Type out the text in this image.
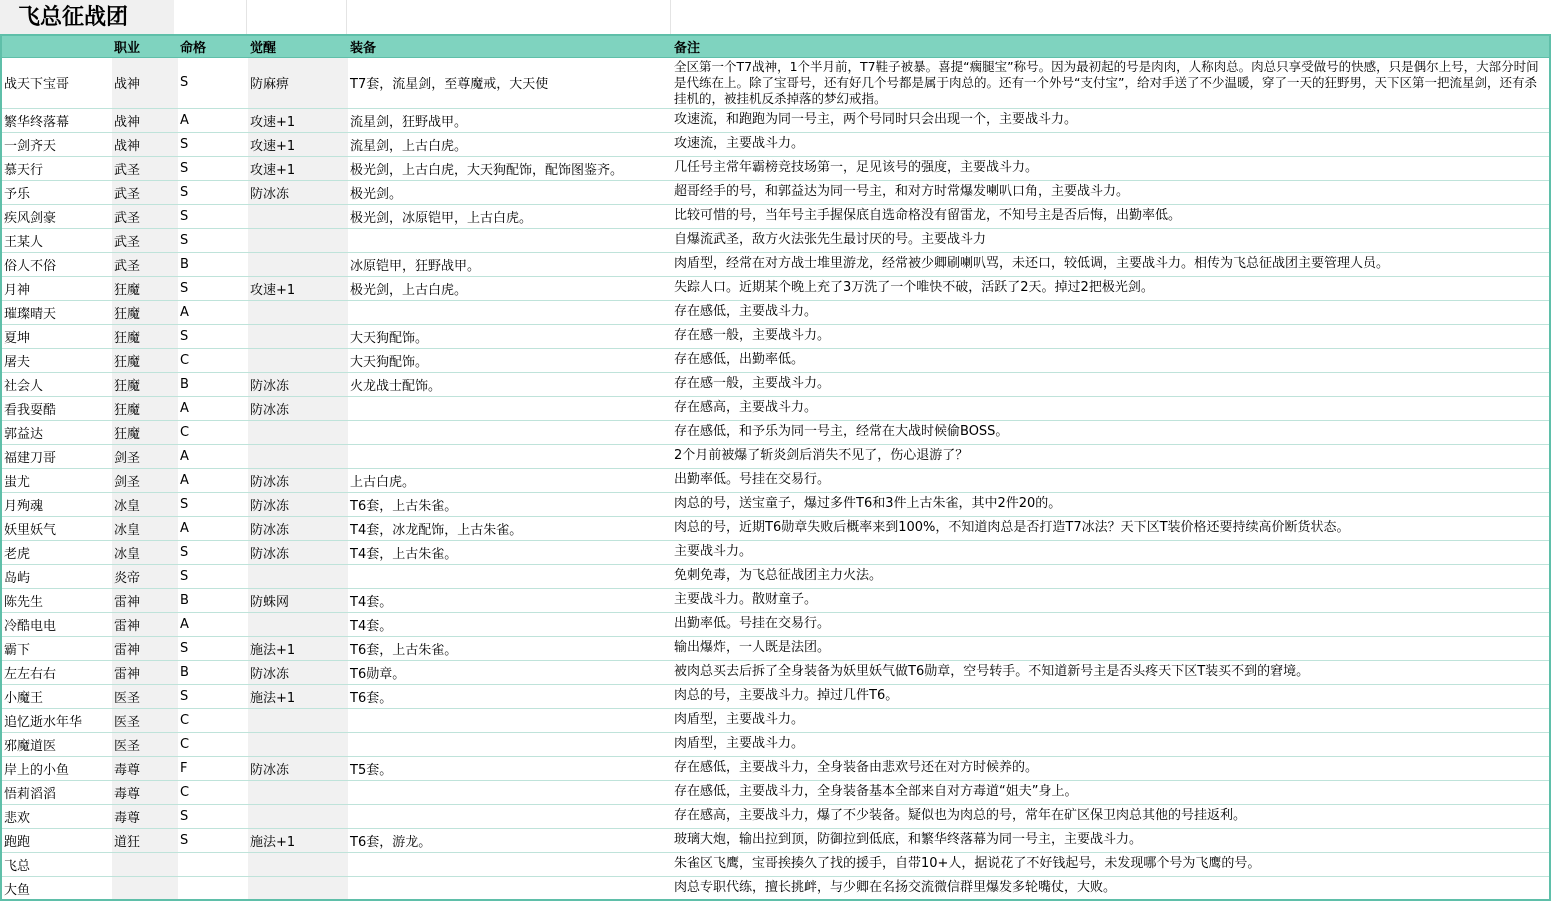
飞总征战团
	职业	命格	觉醒	装备	备注
战天下宝哥	战神	S	防麻痹	T7套，流星剑，至尊魔戒，大天使	全区第一个T7战神，1个半月前，T7鞋子被暴。喜提“瘸腿宝”称号。因为最初起的号是肉肉，人称肉总。肉总只享受做号的快感，只是偶尔上号，大部分时间是代练在上。除了宝哥号，还有好几个号都是属于肉总的。还有一个外号“支付宝”，给对手送了不少温暖，穿了一天的狂野男，天下区第一把流星剑，还有杀挂机的，被挂机反杀掉落的梦幻戒指。
繁华终落幕	战神	A	攻速+1	流星剑，狂野战甲。	攻速流，和跑跑为同一号主，两个号同时只会出现一个，主要战斗力。
一剑齐天	战神	S	攻速+1	流星剑，上古白虎。	攻速流，主要战斗力。
慕天行	武圣	S	攻速+1	极光剑，上古白虎，大天狗配饰，配饰图鉴齐。	几任号主常年霸榜竞技场第一，足见该号的强度，主要战斗力。
予乐	武圣	S	防冰冻	极光剑。	超哥经手的号，和郭益达为同一号主，和对方时常爆发喇叭口角，主要战斗力。
疾风剑豪	武圣	S		极光剑，冰原铠甲，上古白虎。	比较可惜的号，当年号主手握保底自选命格没有留雷龙，不知号主是否后悔，出勤率低。
王某人	武圣	S			自爆流武圣，敌方火法张先生最讨厌的号。主要战斗力
俗人不俗	武圣	B		冰原铠甲，狂野战甲。	肉盾型，经常在对方战士堆里游龙，经常被少卿刷喇叭骂，未还口，较低调，主要战斗力。相传为飞总征战团主要管理人员。
月神	狂魔	S	攻速+1	极光剑，上古白虎。	失踪人口。近期某个晚上充了3万洗了一个唯快不破，活跃了2天。掉过2把极光剑。
璀璨晴天	狂魔	A			存在感低，主要战斗力。
夏坤	狂魔	S		大天狗配饰。	存在感一般，主要战斗力。
屠夫	狂魔	C		大天狗配饰。	存在感低，出勤率低。
社会人	狂魔	B	防冰冻	火龙战士配饰。	存在感一般，主要战斗力。
看我耍酷	狂魔	A	防冰冻		存在感高，主要战斗力。
郭益达	狂魔	C			存在感低，和予乐为同一号主，经常在大战时候偷BOSS。
福建刀哥	剑圣	A			2个月前被爆了斩炎剑后消失不见了，伤心退游了？
蚩尤	剑圣	A	防冰冻	上古白虎。	出勤率低。号挂在交易行。
月殉魂	冰皇	S	防冰冻	T6套，上古朱雀。	肉总的号，送宝童子，爆过多件T6和3件上古朱雀，其中2件20的。
妖里妖气	冰皇	A	防冰冻	T4套，冰龙配饰，上古朱雀。	肉总的号，近期T6勋章失败后概率来到100%，不知道肉总是否打造T7冰法？天下区T装价格还要持续高价断货状态。
老虎	冰皇	S	防冰冻	T4套，上古朱雀。	主要战斗力。
岛屿	炎帝	S			免刺免毒，为飞总征战团主力火法。
陈先生	雷神	B	防蛛网	T4套。	主要战斗力。散财童子。
冷酷电电	雷神	A		T4套。	出勤率低。号挂在交易行。
霸下	雷神	S	施法+1	T6套，上古朱雀。	输出爆炸，一人既是法团。
左左右右	雷神	B	防冰冻	T6勋章。	被肉总买去后拆了全身装备为妖里妖气做T6勋章，空号转手。不知道新号主是否头疼天下区T装买不到的窘境。
小魔王	医圣	S	施法+1	T6套。	肉总的号，主要战斗力。掉过几件T6。
追忆逝水年华	医圣	C			肉盾型，主要战斗力。
邪魔道医	医圣	C			肉盾型，主要战斗力。
岸上的小鱼	毒尊	F	防冰冻	T5套。	存在感低，主要战斗力，全身装备由悲欢号还在对方时候养的。
悟莉滔滔	毒尊	C			存在感低，主要战斗力，全身装备基本全部来自对方毒道“姐夫”身上。
悲欢	毒尊	S			存在感高，主要战斗力，爆了不少装备。疑似也为肉总的号，常年在矿区保卫肉总其他的号挂返利。
跑跑	道狂	S	施法+1	T6套，游龙。	玻璃大炮，输出拉到顶，防御拉到低底，和繁华终落幕为同一号主，主要战斗力。
飞总					朱雀区飞鹰，宝哥挨揍久了找的援手，自带10+人，据说花了不好钱起号，未发现哪个号为飞鹰的号。
大鱼					肉总专职代练，擅长挑衅，与少卿在名扬交流微信群里爆发多轮嘴仗，大败。
